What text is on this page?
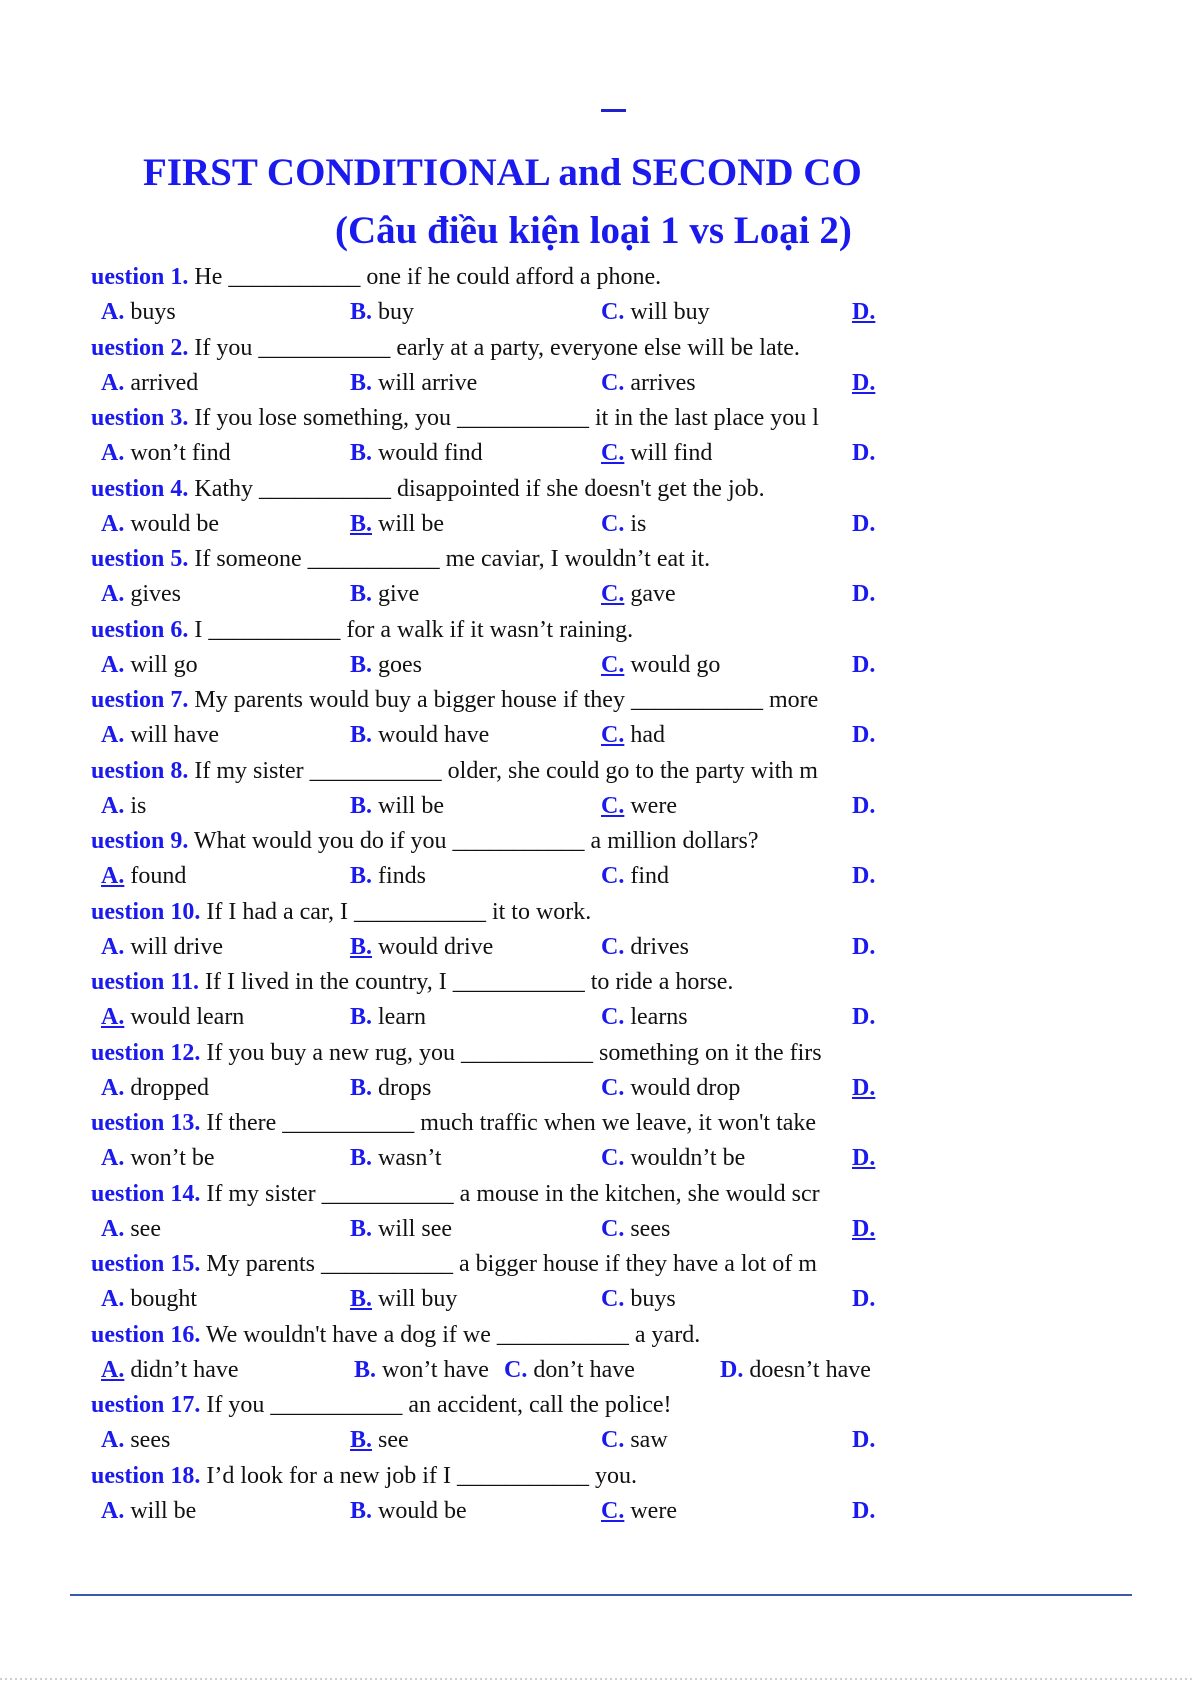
FIRST CONDITIONAL and SECOND CO
(Câu điều kiện loại 1 vs Loại 2)
uestion 1. He ___________ one if he could afford a phone.
A. buys	B. buy	C. will buy	D.
uestion 2. If you ___________ early at a party, everyone else will be late.
A. arrived	B. will arrive	C. arrives	D.
uestion 3. If you lose something, you ___________ it in the last place you l
A. won’t find	B. would find	C. will find	D.
uestion 4. Kathy ___________ disappointed if she doesn't get the job.
A. would be	B. will be	C. is	D.
uestion 5. If someone ___________ me caviar, I wouldn’t eat it.
A. gives	B. give	C. gave	D.
uestion 6. I ___________ for a walk if it wasn’t raining.
A. will go	B. goes	C. would go	D.
uestion 7. My parents would buy a bigger house if they ___________ more
A. will have	B. would have	C. had	D.
uestion 8. If my sister ___________ older, she could go to the party with m
A. is	B. will be	C. were	D.
uestion 9. What would you do if you ___________ a million dollars?
A. found	B. finds	C. find	D.
uestion 10. If I had a car, I ___________ it to work.
A. will drive	B. would drive	C. drives	D.
uestion 11. If I lived in the country, I ___________ to ride a horse.
A. would learn	B. learn	C. learns	D.
uestion 12. If you buy a new rug, you ___________ something on it the firs
A. dropped	B. drops	C. would drop	D.
uestion 13. If there ___________ much traffic when we leave, it won't take
A. won’t be	B. wasn’t	C. wouldn’t be	D.
uestion 14. If my sister ___________ a mouse in the kitchen, she would scr
A. see	B. will see	C. sees	D.
uestion 15. My parents ___________ a bigger house if they have a lot of m
A. bought	B. will buy	C. buys	D.
uestion 16. We wouldn't have a dog if we ___________ a yard.
A. didn’t have	B. won’t have C. don’t have	D. doesn’t have
uestion 17. If you ___________ an accident, call the police!
A. sees	B. see	C. saw	D.
uestion 18. I’d look for a new job if I ___________ you.
A. will be	B. would be	C. were	D.
